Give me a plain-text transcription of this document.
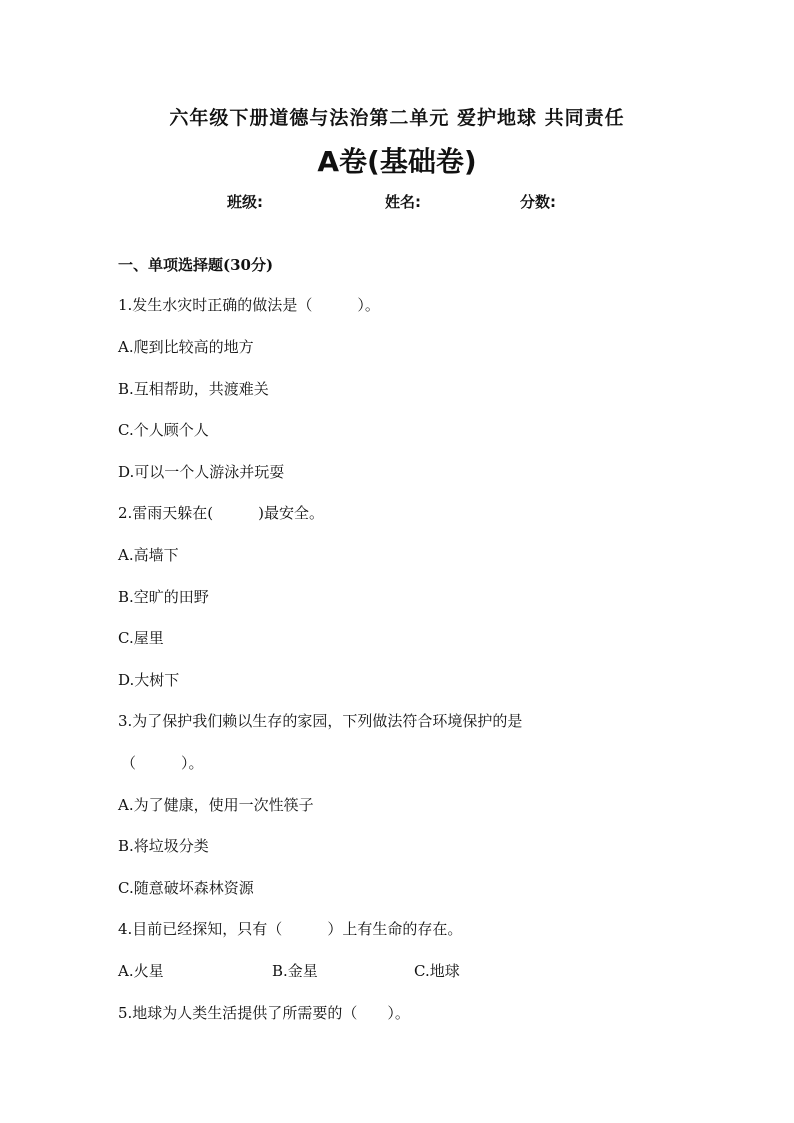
六年级下册道德与法治第二单元 爱护地球 共同责任
A卷(基础卷)
班级:	姓名:	分数:
一、单项选择题(30分)
1.发生水灾时正确的做法是（　　　）。
A.爬到比较高的地方
B.互相帮助，共渡难关
C.个人顾个人
D.可以一个人游泳并玩耍
2.雷雨天躲在(　　　)最安全。
A.高墙下
B.空旷的田野
C.屋里
D.大树下
3.为了保护我们赖以生存的家园，下列做法符合环境保护的是
（　　　）。
A.为了健康，使用一次性筷子
B.将垃圾分类
C.随意破坏森林资源
4.目前已经探知，只有（　　　）上有生命的存在。
A.火星	B.金星	C.地球
5.地球为人类生活提供了所需要的（　　）。
